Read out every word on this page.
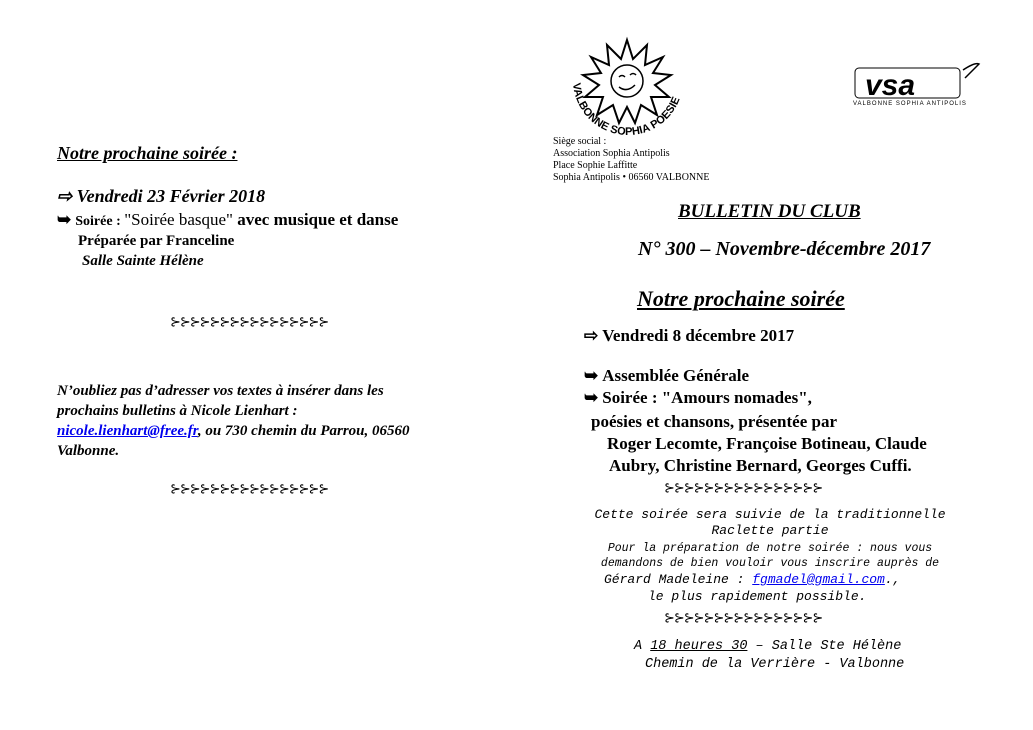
Notre prochaine soirée :
⇨ Vendredi 23 Février 2018
➥ Soirée : "Soirée basque" avec musique et danse
Préparée par Franceline
Salle Sainte Hélène
⊱⊱⊱⊱⊱⊱⊱⊱⊱⊱⊱⊱⊱⊱⊱⊱
N’oubliez pas d’adresser vos textes à insérer dans les
prochains bulletins à Nicole Lienhart :
nicole.lienhart@free.fr, ou 730 chemin du Parrou, 06560
Valbonne.
⊱⊱⊱⊱⊱⊱⊱⊱⊱⊱⊱⊱⊱⊱⊱⊱
VALBONNE SOPHIA POESIE	vsa
VALBONNE SOPHIA ANTIPOLIS
Siège social :
Association Sophia Antipolis
Place Sophie Laffitte
Sophia Antipolis • 06560 VALBONNE
BULLETIN DU CLUB
N° 300 – Novembre-décembre 2017
Notre prochaine soirée
⇨ Vendredi 8 décembre 2017
➥ Assemblée Générale
➥ Soirée : "Amours nomades",
poésies et chansons, présentée par
Roger Lecomte, Françoise Botineau, Claude
Aubry, Christine Bernard, Georges Cuffi.
⊱⊱⊱⊱⊱⊱⊱⊱⊱⊱⊱⊱⊱⊱⊱⊱
Cette soirée sera suivie de la traditionnelle
Raclette partie
Pour la préparation de notre soirée : nous vous
demandons de bien vouloir vous inscrire auprès de
Gérard Madeleine : fgmadel@gmail.com.,
le plus rapidement possible.
⊱⊱⊱⊱⊱⊱⊱⊱⊱⊱⊱⊱⊱⊱⊱⊱
A 18 heures 30 – Salle Ste Hélène
Chemin de la Verrière - Valbonne
